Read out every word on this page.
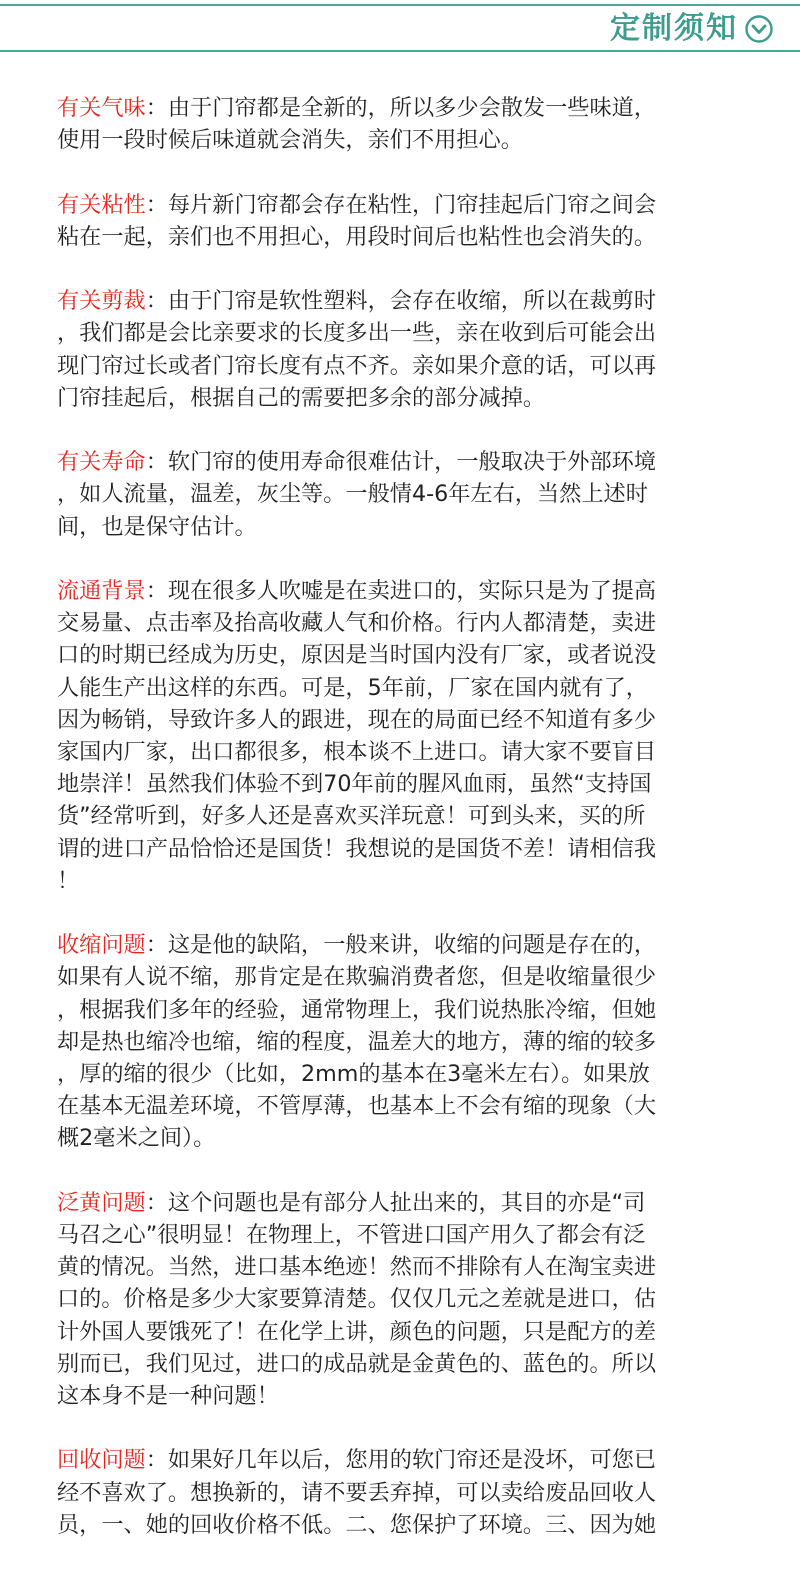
定制须知
有关气味：由于门帘都是全新的，所以多少会散发一些味道，
使用一段时候后味道就会消失，亲们不用担心。
有关粘性：每片新门帘都会存在粘性，门帘挂起后门帘之间会
粘在一起，亲们也不用担心，用段时间后也粘性也会消失的。
有关剪裁：由于门帘是软性塑料，会存在收缩，所以在裁剪时
，我们都是会比亲要求的长度多出一些，亲在收到后可能会出
现门帘过长或者门帘长度有点不齐。亲如果介意的话，可以再
门帘挂起后，根据自己的需要把多余的部分减掉。
有关寿命：软门帘的使用寿命很难估计，一般取决于外部环境
，如人流量，温差，灰尘等。一般情4-6年左右，当然上述时
间，也是保守估计。
流通背景：现在很多人吹嘘是在卖进口的，实际只是为了提高
交易量、点击率及抬高收藏人气和价格。行内人都清楚，卖进
口的时期已经成为历史，原因是当时国内没有厂家，或者说没
人能生产出这样的东西。可是，5年前，厂家在国内就有了，
因为畅销，导致许多人的跟进，现在的局面已经不知道有多少
家国内厂家，出口都很多，根本谈不上进口。请大家不要盲目
地崇洋！虽然我们体验不到70年前的腥风血雨，虽然“支持国
货”经常听到，好多人还是喜欢买洋玩意！可到头来，买的所
谓的进口产品恰恰还是国货！我想说的是国货不差！请相信我
！
收缩问题：这是他的缺陷，一般来讲，收缩的问题是存在的，
如果有人说不缩，那肯定是在欺骗消费者您，但是收缩量很少
，根据我们多年的经验，通常物理上，我们说热胀冷缩，但她
却是热也缩冷也缩，缩的程度，温差大的地方，薄的缩的较多
，厚的缩的很少（比如，2mm的基本在3毫米左右）。如果放
在基本无温差环境，不管厚薄，也基本上不会有缩的现象（大
概2毫米之间）。
泛黄问题：这个问题也是有部分人扯出来的，其目的亦是“司
马召之心”很明显！在物理上，不管进口国产用久了都会有泛
黄的情况。当然，进口基本绝迹！然而不排除有人在淘宝卖进
口的。价格是多少大家要算清楚。仅仅几元之差就是进口，估
计外国人要饿死了！在化学上讲，颜色的问题，只是配方的差
别而已，我们见过，进口的成品就是金黄色的、蓝色的。所以
这本身不是一种问题！
回收问题：如果好几年以后，您用的软门帘还是没坏，可您已
经不喜欢了。想换新的，请不要丢弃掉，可以卖给废品回收人
员，一、她的回收价格不低。二、您保护了环境。三、因为她
